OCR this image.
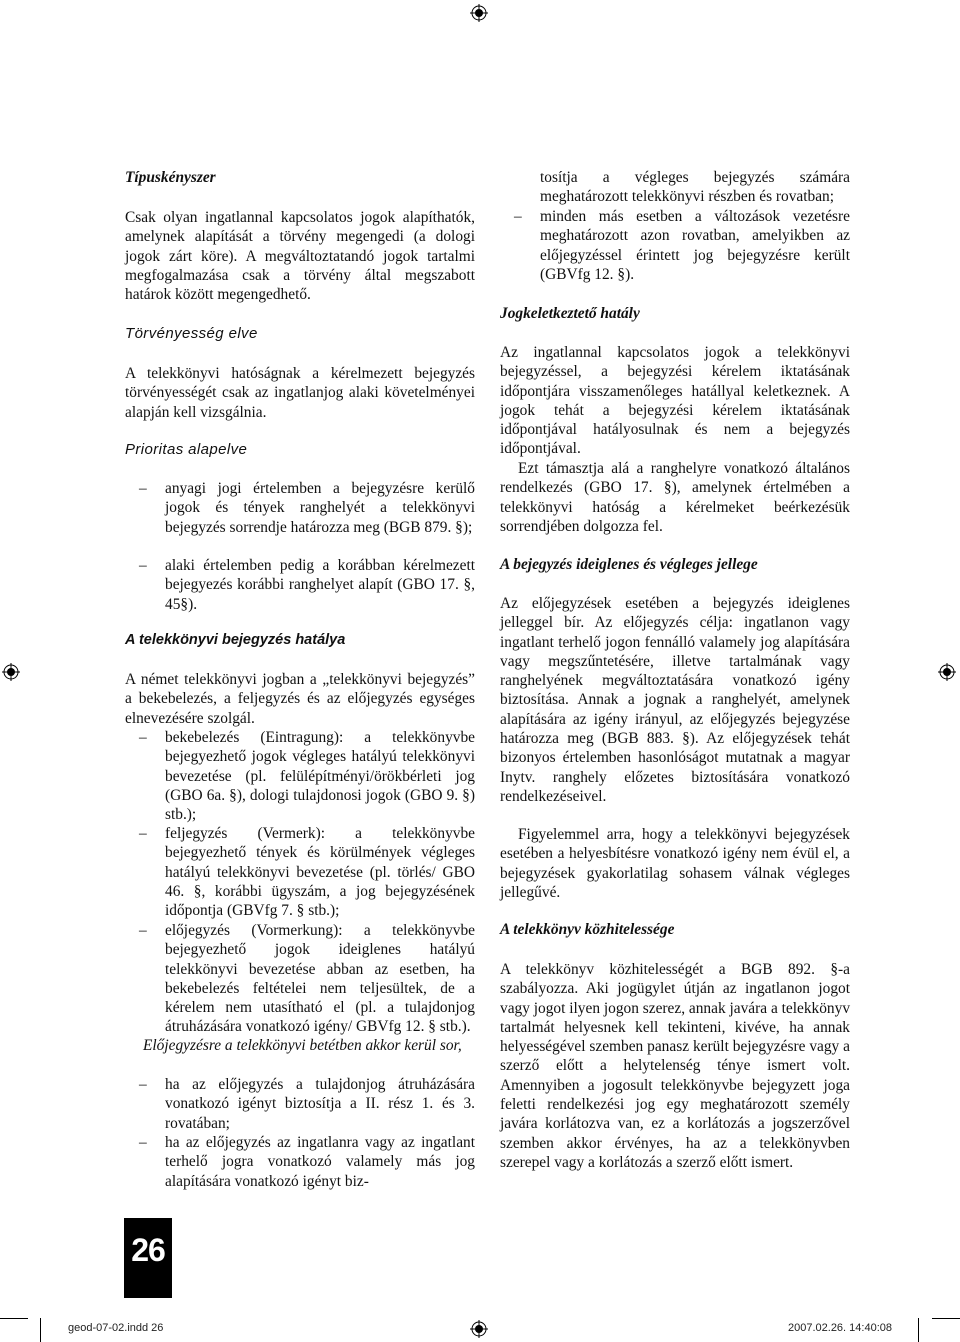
Típuskényszer
Csak olyan ingatlannal kapcsolatos jogok alapíthatók, amelynek alapítását a törvény megengedi (a dologi jogok zárt köre). A megváltoztatandó jogok tartalmi megfogalmazása csak a törvény által megszabott határok között megengedhető.
Törvényesség elve
A telekkönyvi hatóságnak a kérelmezett bejegyzés törvényességét csak az ingatlanjog alaki követelményei alapján kell vizsgálnia.
Prioritas alapelve
– anyagi jogi értelemben a bejegyzésre kerülő jogok és tények ranghelyét a telekkönyvi bejegyzés sorrendje határozza meg (BGB 879. §);
– alaki értelemben pedig a korábban kérelmezett bejegyezés korábbi ranghelyet alapít (GBO 17. §, 45§).
A telekkönyvi bejegyzés hatálya
A német telekkönyvi jogban a „telekkönyvi bejegyzés” a bekebelezés, a feljegyzés és az előjegyzés egységes elnevezésére szolgál.
– bekebelezés (Eintragung): a telekkönyvbe bejegyezhető jogok végleges hatályú telekkönyvi bevezetése (pl. felülépítményi/örökbérleti jog (GBO 6a. §), dologi tulajdonosi jogok (GBO 9. §) stb.);
– feljegyzés (Vermerk): a telekkönyvbe bejegyezhető tények és körülmények végleges hatályú telekkönyvi bevezetése (pl. törlés/ GBO 46. §, korábbi ügyszám, a jog bejegyzésének időpontja (GBVfg 7. § stb.);
– előjegyzés (Vormerkung): a telekkönyvbe bejegyezhető jogok ideiglenes hatályú telekkönyvi bevezetése abban az esetben, ha bekebelezés feltételei nem teljesültek, de a kérelem nem utasítható el (pl. a tulajdonjog átruházására vonatkozó igény/ GBVfg 12. § stb.).
Előjegyzésre a telekkönyvi betétben akkor kerül sor,
– ha az előjegyzés a tulajdonjog átruházására vonatkozó igényt biztosítja a II. rész 1. és 3. rovatában;
– ha az előjegyzés az ingatlanra vagy az ingatlant terhelő jogra vonatkozó valamely más jog alapítására vonatkozó igényt biz-
tosítja a végleges bejegyzés számára meghatározott telekkönyvi részben és rovatban;
– minden más esetben a változások vezetésre meghatározott azon rovatban, amelyikben az előjegyzéssel érintett jog bejegyzésre került (GBVfg 12. §).
Jogkeletkeztető hatály
Az ingatlannal kapcsolatos jogok a telekkönyvi bejegyzéssel, a bejegyzési kérelem iktatásának időpontjára visszamenőleges hatállyal keletkeznek. A jogok tehát a bejegyzési kérelem iktatásának időpontjával hatályosulnak és nem a bejegyzés időpontjával.
Ezt támasztja alá a ranghelyre vonatkozó általános rendelkezés (GBO 17. §), amelynek értelmében a telekkönyvi hatóság a kérelmeket beérkezésük sorrendjében dolgozza fel.
A bejegyzés ideiglenes és végleges jellege
Az előjegyzések esetében a bejegyzés ideiglenes jelleggel bír. Az előjegyzés célja: ingatlanon vagy ingatlant terhelő jogon fennálló valamely jog alapítására vagy megszűntetésére, illetve tartalmának vagy ranghelyének megváltoztatására vonatkozó igény biztosítása. Annak a jognak a ranghelyét, amelynek alapítására az igény irányul, az előjegyzés bejegyzése határozza meg (BGB 883. §). Az előjegyzések tehát bizonyos értelemben hasonlóságot mutatnak a magyar Inytv. ranghely előzetes biztosítására vonatkozó rendelkezéseivel.
Figyelemmel arra, hogy a telekkönyvi bejegyzések esetében a helyesbítésre vonatkozó igény nem évül el, a bejegyzések gyakorlatilag sohasem válnak végleges jellegűvé.
A telekkönyv közhitelessége
A telekkönyv közhitelességét a BGB 892. §-a szabályozza. Aki jogügylet útján az ingatlanon jogot vagy jogot ilyen jogon szerez, annak javára a telekkönyv tartalmát helyesnek kell tekinteni, kivéve, ha annak helyességével szemben panasz került bejegyzésre vagy a szerző előtt a helytelenség ténye ismert volt. Amennyiben a jogosult telekkönyvbe bejegyzett joga feletti rendelkezési jog egy meghatározott személy javára korlátozva van, ez a korlátozás a jogszerzővel szemben akkor érvényes, ha az a telekkönyvben szerepel vagy a korlátozás a szerző előtt ismert.
26
geod-07-02.indd 26	2007.02.26. 14:40:08
